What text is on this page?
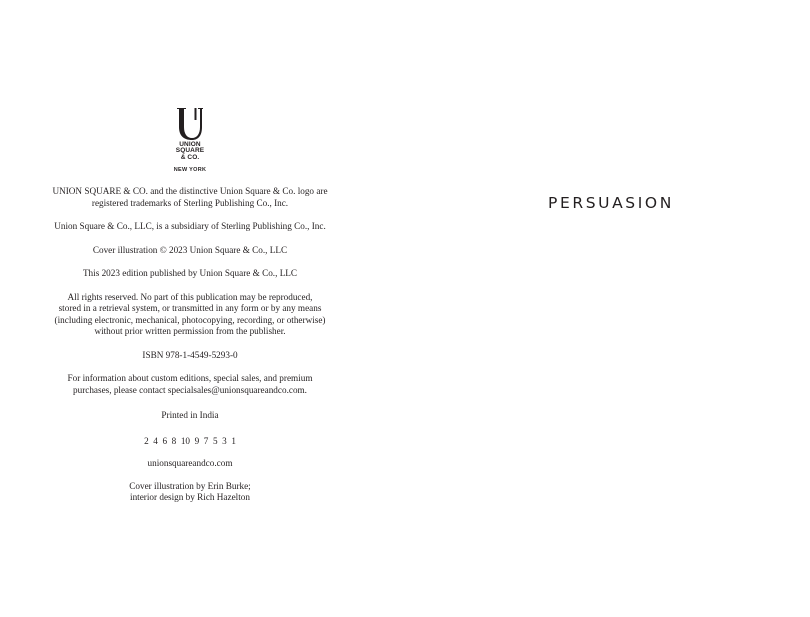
UNION
SQUARE
& CO.
NEW YORK

UNION SQUARE & CO. and the distinctive Union Square & Co. logo are

registered trademarks of Sterling Publishing Co., Inc.

Union Square & Co., LLC, is a subsidiary of Sterling Publishing Co., Inc.

Cover illustration © 2023 Union Square & Co., LLC

This 2023 edition published by Union Square & Co., LLC

All rights reserved. No part of this publication may be reproduced,

stored in a retrieval system, or transmitted in any form or by any means

(including electronic, mechanical, photocopying, recording, or otherwise)

without prior written permission from the publisher.

ISBN 978-1-4549-5293-0

For information about custom editions, special sales, and premium

purchases, please contact specialsales@unionsquareandco.com.

Printed in India

2  4  6  8  10  9  7  5  3  1

unionsquareandco.com

Cover illustration by Erin Burke;

interior design by Rich Hazelton

PERSUASION
